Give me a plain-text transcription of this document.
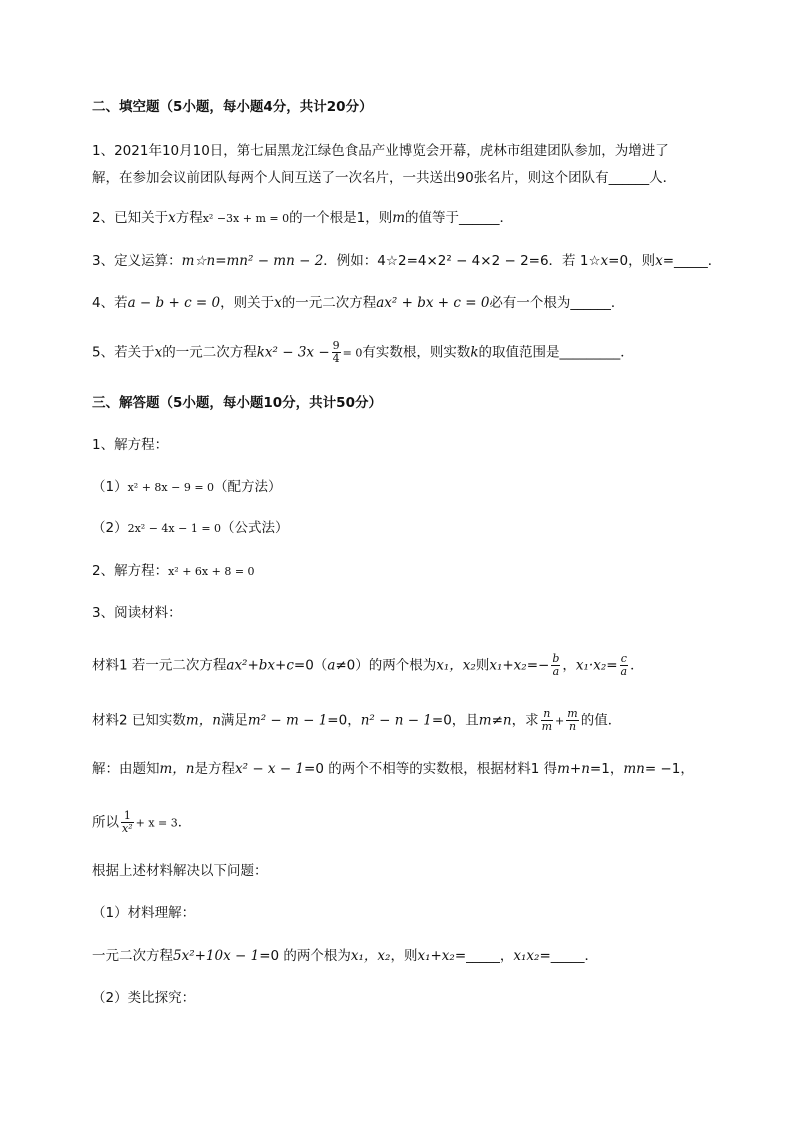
二、填空题（5小题，每小题4分，共计20分）
1、2021年10月10日，第七届黑龙江绿色食品产业博览会开幕，虎林市组建团队参加，为增进了
解，在参加会议前团队每两个人间互送了一次名片，一共送出90张名片，则这个团队有______人．
2、已知关于x方程x² −3x + m = 0的一个根是1，则m的值等于______．
3、定义运算：m☆n=mn² − mn − 2．例如：4☆2=4×2² − 4×2 − 2=6．若 1☆x=0，则x=_____．
4、若a − b + c = 0，则关于x的一元二次方程ax² + bx + c = 0必有一个根为______．
5、若关于x的一元二次方程$kx^2 - 3x - \frac{9}{4} = 0$有实数根，则实数k的取值范围是_________．
三、解答题（5小题，每小题10分，共计50分）
1、解方程：
（1）x² + 8x − 9 = 0（配方法）
（2）2x² − 4x − 1 = 0（公式法）
2、解方程：x² + 6x + 8 = 0
3、阅读材料：
材料1 若一元二次方程ax²+bx+c=0（a≠0）的两个根为x₁，x₂则$x_1+x_2=- \frac{b}{a}$ ，$x_1\cdot x_2= \frac{c}{a}$ ．
材料2 已知实数m，n满足m² − m − 1=0，n² − n − 1=0，且m≠n，求 $\frac{n}{m} + \frac{m}{n}$ 的值．
解：由题知m，n是方程x² − x − 1=0 的两个不相等的实数根，根据材料1 得m+n=1，mn= −1，
所以 $\frac{1}{\text{x²}} + x = 3$．
根据上述材料解决以下问题：
（1）材料理解：
一元二次方程5x²+10x − 1=0 的两个根为x₁，x₂，则x₁+x₂=_____，x₁x₂=_____．
（2）类比探究：
